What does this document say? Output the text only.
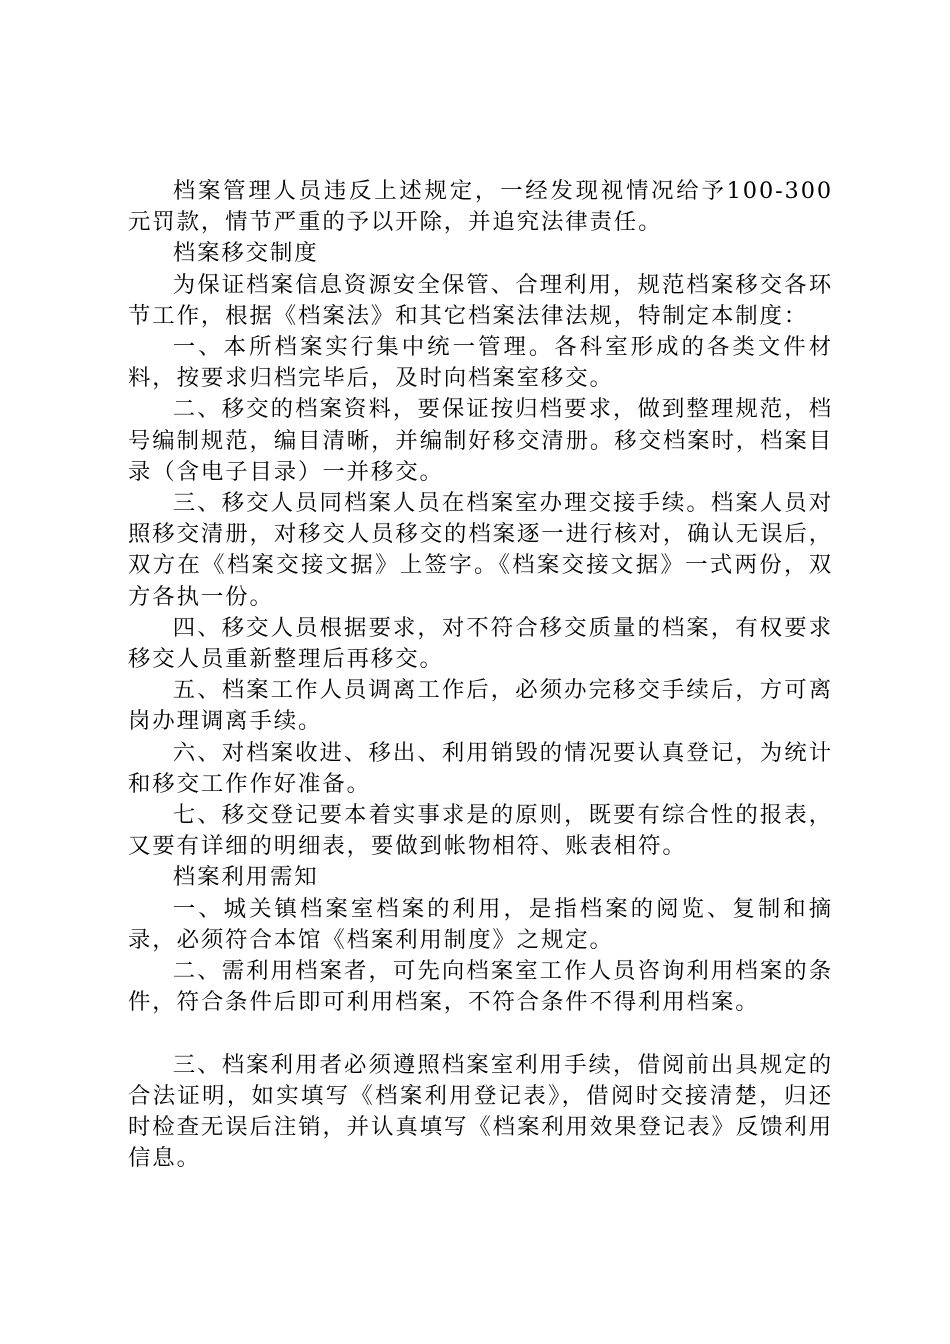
档案管理人员违反上述规定，一经发现视情况给予100-300元罚款，情节严重的予以开除，并追究法律责任。

档案移交制度

为保证档案信息资源安全保管、合理利用，规范档案移交各环节工作，根据《档案法》和其它档案法律法规，特制定本制度：

一、本所档案实行集中统一管理。各科室形成的各类文件材料，按要求归档完毕后，及时向档案室移交。

二、移交的档案资料，要保证按归档要求，做到整理规范，档号编制规范，编目清晰，并编制好移交清册。移交档案时，档案目录（含电子目录）一并移交。

三、移交人员同档案人员在档案室办理交接手续。档案人员对照移交清册，对移交人员移交的档案逐一进行核对，确认无误后，双方在《档案交接文据》上签字。《档案交接文据》一式两份，双方各执一份。

四、移交人员根据要求，对不符合移交质量的档案，有权要求移交人员重新整理后再移交。

五、档案工作人员调离工作后，必须办完移交手续后，方可离岗办理调离手续。

六、对档案收进、移出、利用销毁的情况要认真登记，为统计和移交工作作好准备。

七、移交登记要本着实事求是的原则，既要有综合性的报表，又要有详细的明细表，要做到帐物相符、账表相符。

档案利用需知

一、城关镇档案室档案的利用，是指档案的阅览、复制和摘录，必须符合本馆《档案利用制度》之规定。

二、需利用档案者，可先向档案室工作人员咨询利用档案的条件，符合条件后即可利用档案，不符合条件不得利用档案。

三、档案利用者必须遵照档案室利用手续，借阅前出具规定的合法证明，如实填写《档案利用登记表》，借阅时交接清楚，归还时检查无误后注销，并认真填写《档案利用效果登记表》反馈利用信息。
